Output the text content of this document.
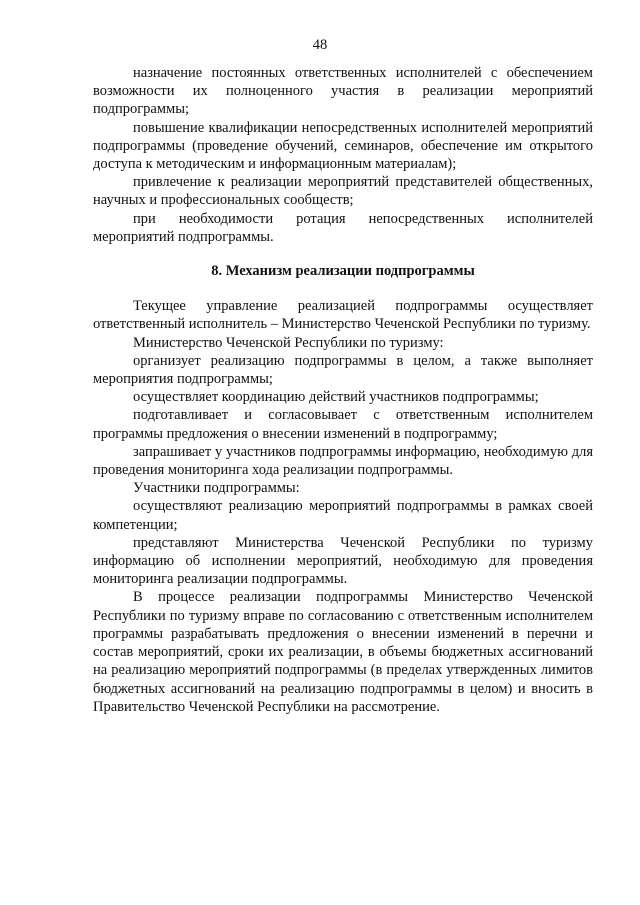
48

назначение постоянных ответственных исполнителей с обеспечением возможности их полноценного участия в реализации мероприятий подпрограммы;

повышение квалификации непосредственных исполнителей мероприятий подпрограммы (проведение обучений, семинаров, обеспечение им открытого доступа к методическим и информационным материалам);

привлечение к реализации мероприятий представителей общественных, научных и профессиональных сообществ;

при необходимости ротация непосредственных исполнителей мероприятий подпрограммы.

8. Механизм реализации подпрограммы

Текущее управление реализацией подпрограммы осуществляет ответственный исполнитель – Министерство Чеченской Республики по туризму.

Министерство Чеченской Республики по туризму:

организует реализацию подпрограммы в целом, а также выполняет мероприятия подпрограммы;

осуществляет координацию действий участников подпрограммы;

подготавливает и согласовывает с ответственным исполнителем программы предложения о внесении изменений в подпрограмму;

запрашивает у участников подпрограммы информацию, необходимую для проведения мониторинга хода реализации подпрограммы.

Участники подпрограммы:

осуществляют реализацию мероприятий подпрограммы в рамках своей компетенции;

представляют Министерства Чеченской Республики по туризму информацию об исполнении мероприятий, необходимую для проведения мониторинга реализации подпрограммы.

В процессе реализации подпрограммы Министерство Чеченской Республики по туризму вправе по согласованию с ответственным исполнителем программы разрабатывать предложения о внесении изменений в перечни и состав мероприятий, сроки их реализации, в объемы бюджетных ассигнований на реализацию мероприятий подпрограммы (в пределах утвержденных лимитов бюджетных ассигнований на реализацию подпрограммы в целом) и вносить в Правительство Чеченской Республики на рассмотрение.
